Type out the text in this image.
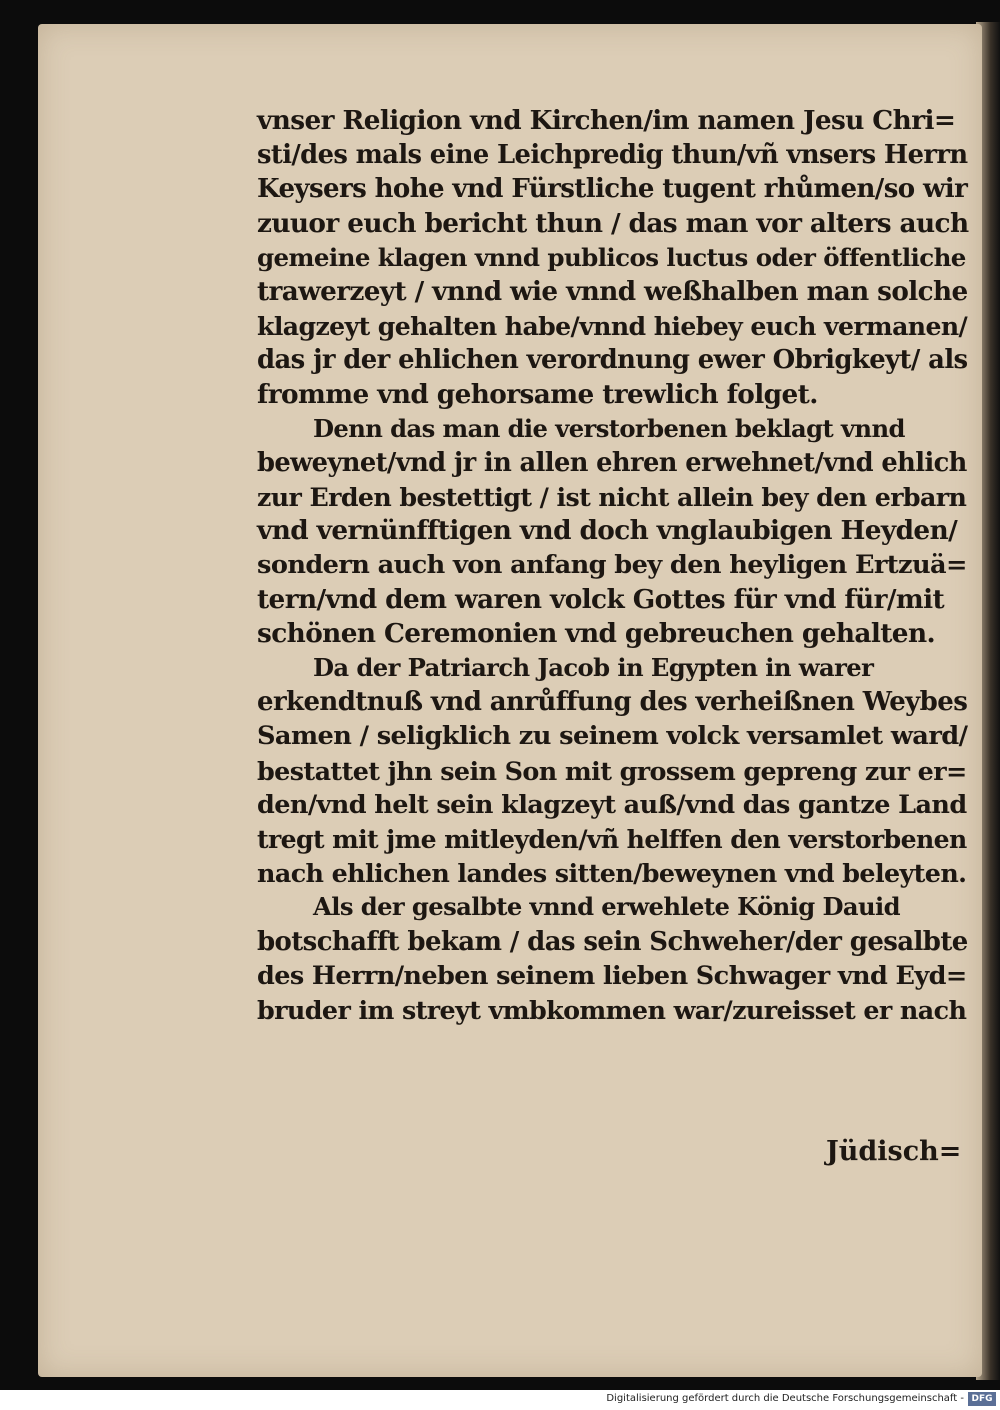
vnser Religion vnd Kirchen/im namen Jesu Chri=
sti/des mals eine Leichpredig thun/vñ vnsers Herrn
Keysers hohe vnd Fürstliche tugent rhůmen/so wir
zuuor euch bericht thun / das man vor alters auch
gemeine klagen vnnd publicos luctus oder öffentliche
trawerzeyt / vnnd wie vnnd weßhalben man solche
klagzeyt gehalten habe/vnnd hiebey euch vermanen/
das jr der ehlichen verordnung ewer Obrigkeyt/ als
fromme vnd gehorsame trewlich folget.
Denn das man die verstorbenen beklagt vnnd
beweynet/vnd jr in allen ehren erwehnet/vnd ehlich
zur Erden bestettigt / ist nicht allein bey den erbarn
vnd vernünfftigen vnd doch vnglaubigen Heyden/
sondern auch von anfang bey den heyligen Ertzuä=
tern/vnd dem waren volck Gottes für vnd für/mit
schönen Ceremonien vnd gebreuchen gehalten.
Da der Patriarch Jacob in Egypten in warer
erkendtnuß vnd anrůffung des verheißnen Weybes
Samen / seligklich zu seinem volck versamlet ward/
bestattet jhn sein Son mit grossem gepreng zur er=
den/vnd helt sein klagzeyt auß/vnd das gantze Land
tregt mit jme mitleyden/vñ helffen den verstorbenen
nach ehlichen landes sitten/beweynen vnd beleyten.
Als der gesalbte vnnd erwehlete König Dauid
botschafft bekam / das sein Schweher/der gesalbte
des Herrn/neben seinem lieben Schwager vnd Eyd=
bruder im streyt vmbkommen war/zureisset er nach
Jüdisch=
Digitalisierung gefördert durch die Deutsche Forschungsgemeinschaft - DFG
